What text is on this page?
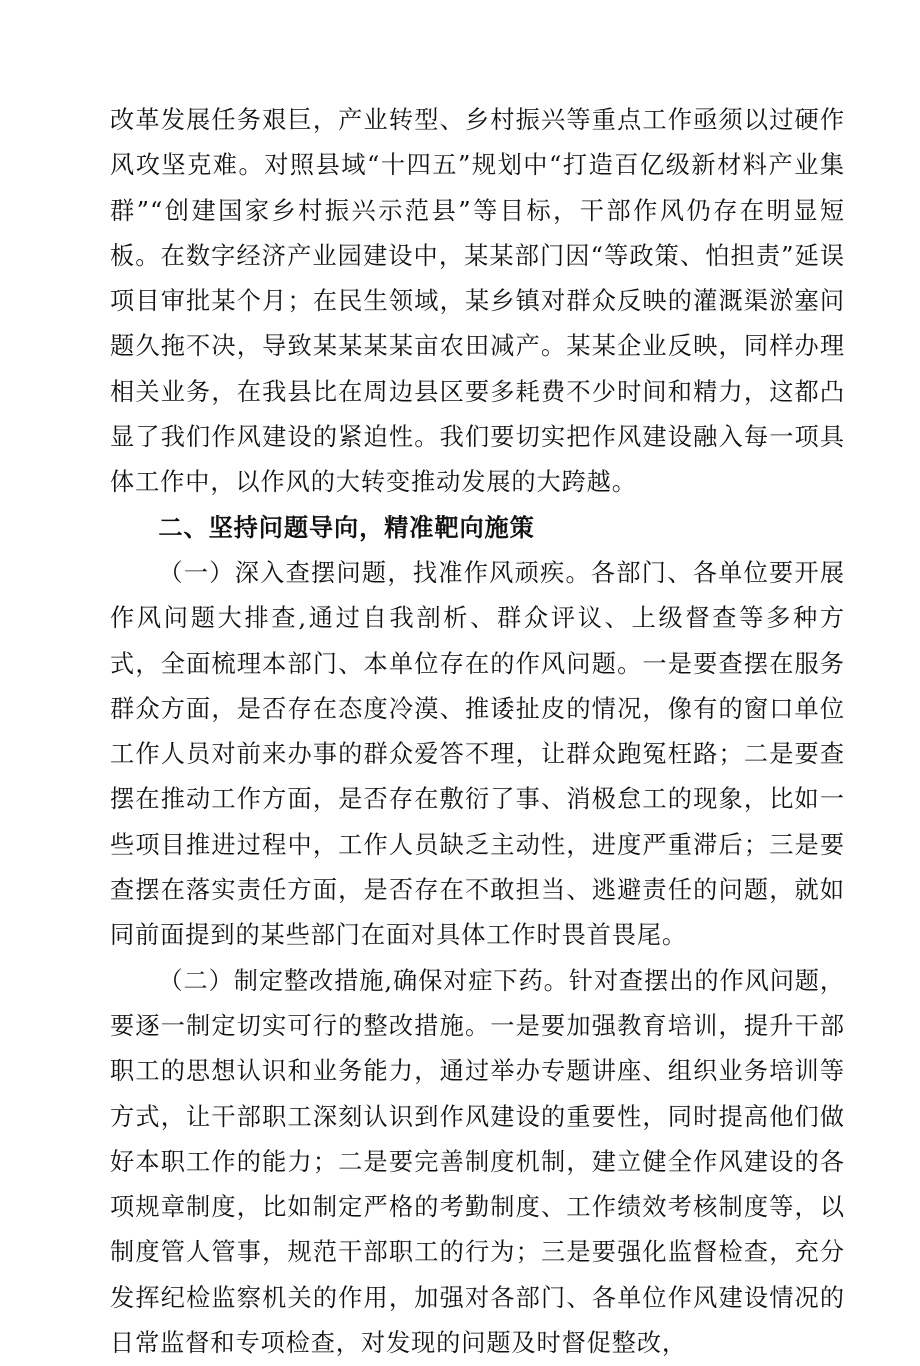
改革发展任务艰巨，产业转型、乡村振兴等重点工作亟须以过硬作风攻坚克难。对照县域“十四五”规划中“打造百亿级新材料产业集群”“创建国家乡村振兴示范县”等目标，干部作风仍存在明显短板。在数字经济产业园建设中，某某部门因“等政策、怕担责”延误项目审批某个月；在民生领域，某乡镇对群众反映的灌溉渠淤塞问题久拖不决，导致某某某某亩农田减产。某某企业反映，同样办理相关业务，在我县比在周边县区要多耗费不少时间和精力，这都凸显了我们作风建设的紧迫性。我们要切实把作风建设融入每一项具体工作中，以作风的大转变推动发展的大跨越。

二、坚持问题导向，精准靶向施策

（一）深入查摆问题，找准作风顽疾。各部门、各单位要开展作风问题大排查,通过自我剖析、群众评议、上级督查等多种方式，全面梳理本部门、本单位存在的作风问题。一是要查摆在服务群众方面，是否存在态度冷漠、推诿扯皮的情况，像有的窗口单位工作人员对前来办事的群众爱答不理，让群众跑冤枉路；二是要查摆在推动工作方面，是否存在敷衍了事、消极怠工的现象，比如一些项目推进过程中，工作人员缺乏主动性，进度严重滞后；三是要查摆在落实责任方面，是否存在不敢担当、逃避责任的问题，就如同前面提到的某些部门在面对具体工作时畏首畏尾。

（二）制定整改措施,确保对症下药。针对查摆出的作风问题，要逐一制定切实可行的整改措施。一是要加强教育培训，提升干部职工的思想认识和业务能力，通过举办专题讲座、组织业务培训等方式，让干部职工深刻认识到作风建设的重要性，同时提高他们做好本职工作的能力；二是要完善制度机制，建立健全作风建设的各项规章制度，比如制定严格的考勤制度、工作绩效考核制度等，以制度管人管事，规范干部职工的行为；三是要强化监督检查，充分发挥纪检监察机关的作用，加强对各部门、各单位作风建设情况的日常监督和专项检查，对发现的问题及时督促整改，
